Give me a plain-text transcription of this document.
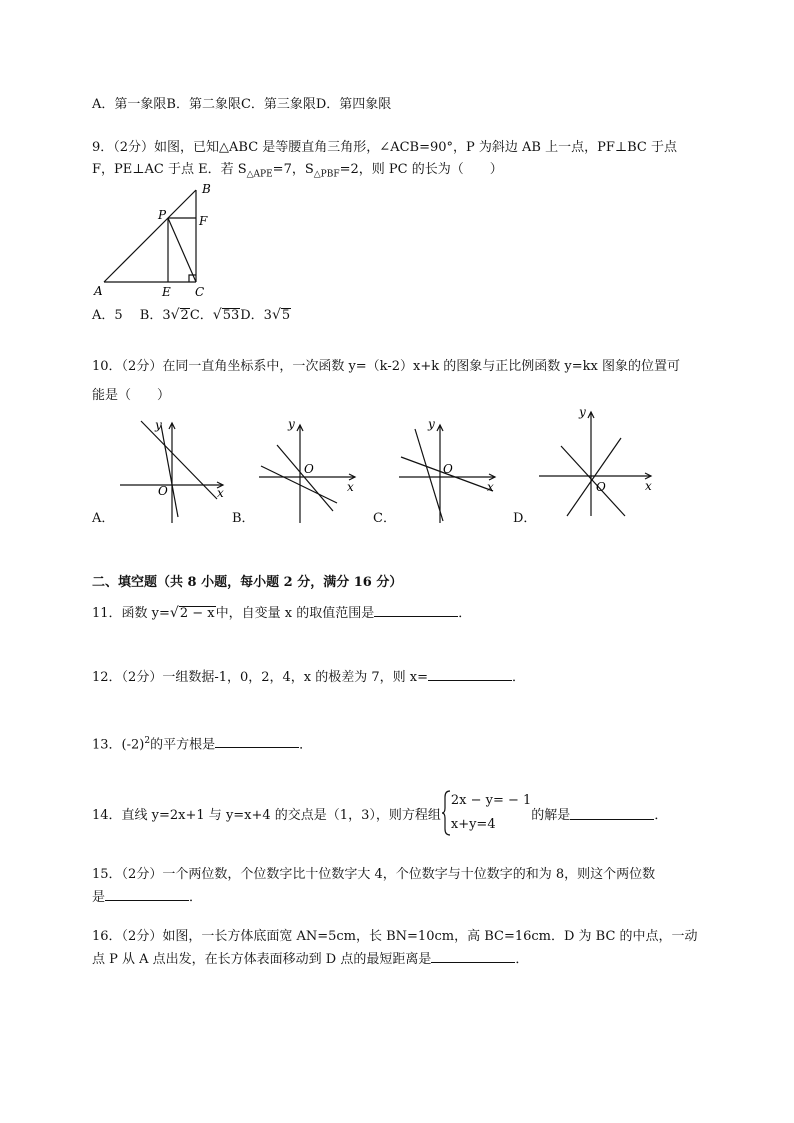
A．第一象限B．第二象限C．第三象限D．第四象限
9．（2分）如图，已知△ABC 是等腰直角三角形，∠ACB=90°，P 为斜边 AB 上一点，PF⊥BC 于点
F，PE⊥AC 于点 E．若 $S_{\triangle APE}=7$，$S_{\triangle PBF}=2$，则 PC 的长为（　　）
B
P	F
A	E C
A．5　 B．3√2C．√53D．3√5
10．（2分）在同一直角坐标系中，一次函数 y=（k-2）x+k 的图象与正比例函数 y=kx 图象的位置可
能是（　　）
y
x
O
A．
y
x
O
B．
y
x
O
C．
y
x
O
D．
二、填空题（共 8 小题，每小题 2 分，满分 16 分）
11．函数 y=√2 − x中，自变量 x 的取值范围是	．
12．（2分）一组数据-1，0，2，4，x 的极差为 7，则 x=	．
13．$(-2)^2$的平方根是	．
14．直线 y=2x+1 与 y=x+4 的交点是（1，3），则方程组
2x − y= − 1
x+y=4
的解是	．
15．（2分）一个两位数，个位数字比十位数字大 4，个位数字与十位数字的和为 8，则这个两位数
是	．
16．（2分）如图，一长方体底面宽 AN=5cm，长 BN=10cm，高 BC=16cm．D 为 BC 的中点，一动
点 P 从 A 点出发，在长方体表面移动到 D 点的最短距离是	．
